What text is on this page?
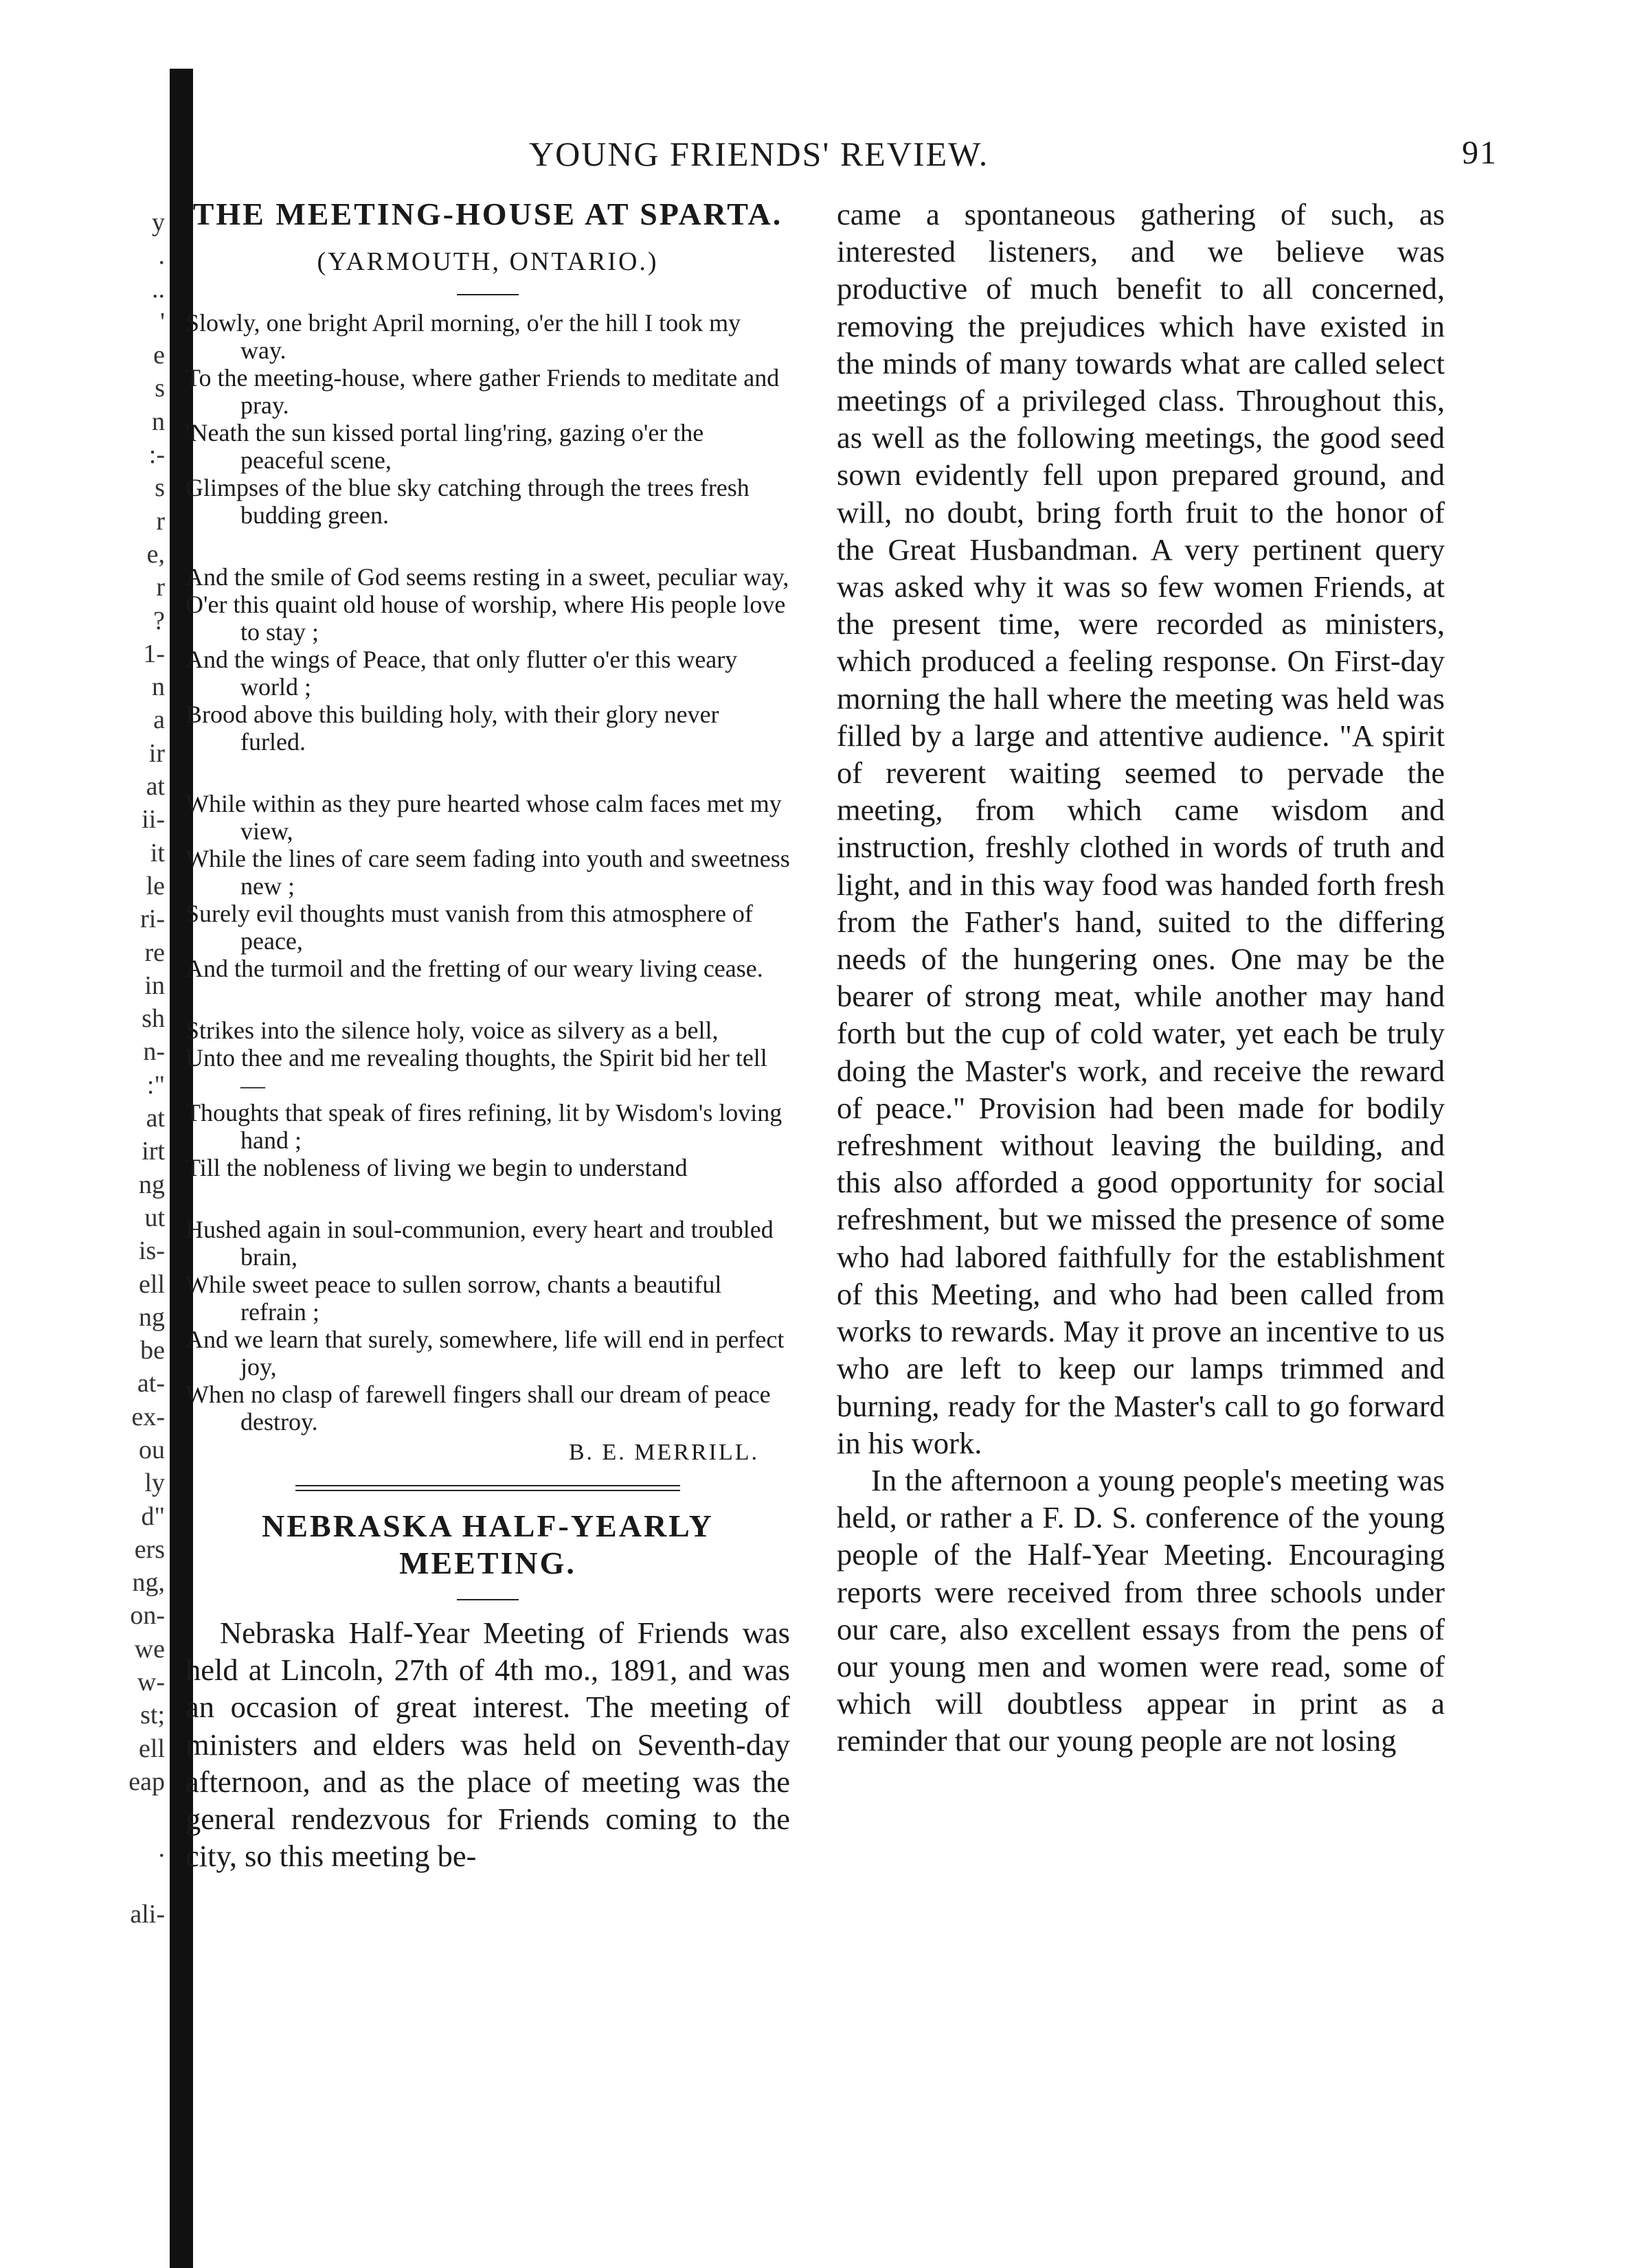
y
.
..
'
e
s
n
:-
s
r
e,
r
?
1-
n
a
ir
at
ii-
it
le
ri-
re
in
sh
n-
:"
at
irt
ng
ut
is-
ell
ng
be
at-
ex-
ou
ly
d"
ers
ng,
on-
we
w-
st;
ell
eap

.

ali-
YOUNG FRIENDS' REVIEW.	91
THE MEETING-HOUSE AT SPARTA.
(YARMOUTH, ONTARIO.)
Slowly, one bright April morning, o'er the hill I took my way.
To the meeting-house, where gather Friends to meditate and pray.
'Neath the sun kissed portal ling'ring, gazing o'er the peaceful scene,
Glimpses of the blue sky catching through the trees fresh budding green.
And the smile of God seems resting in a sweet, peculiar way,
O'er this quaint old house of worship, where His people love to stay ;
And the wings of Peace, that only flutter o'er this weary world ;
Brood above this building holy, with their glory never furled.
While within as they pure hearted whose calm faces met my view,
While the lines of care seem fading into youth and sweetness new ;
Surely evil thoughts must vanish from this atmosphere of peace,
And the turmoil and the fretting of our weary living cease.
Strikes into the silence holy, voice as silvery as a bell,
Unto thee and me revealing thoughts, the Spirit bid her tell—
Thoughts that speak of fires refining, lit by Wisdom's loving hand ;
Till the nobleness of living we begin to understand
Hushed again in soul-communion, every heart and troubled brain,
While sweet peace to sullen sorrow, chants a beautiful refrain ;
And we learn that surely, somewhere, life will end in perfect joy,
When no clasp of farewell fingers shall our dream of peace destroy.
B. E. MERRILL.
NEBRASKA HALF-YEARLY MEETING.

Nebraska Half-Year Meeting of Friends was held at Lincoln, 27th of 4th mo., 1891, and was an occasion of great interest. The meeting of ministers and elders was held on Seventh-day afternoon, and as the place of meeting was the general rendezvous for Friends coming to the city, so this meeting be-

came a spontaneous gathering of such, as interested listeners, and we believe was productive of much benefit to all concerned, removing the prejudices which have existed in the minds of many towards what are called select meetings of a privileged class. Throughout this, as well as the following meetings, the good seed sown evidently fell upon prepared ground, and will, no doubt, bring forth fruit to the honor of the Great Husbandman. A very pertinent query was asked why it was so few women Friends, at the present time, were recorded as ministers, which produced a feeling response. On First-day morning the hall where the meeting was held was filled by a large and attentive audience. "A spirit of reverent waiting seemed to pervade the meeting, from which came wisdom and instruction, freshly clothed in words of truth and light, and in this way food was handed forth fresh from the Father's hand, suited to the differing needs of the hungering ones. One may be the bearer of strong meat, while another may hand forth but the cup of cold water, yet each be truly doing the Master's work, and receive the reward of peace." Provision had been made for bodily refreshment without leaving the building, and this also afforded a good opportunity for social refreshment, but we missed the presence of some who had labored faithfully for the establishment of this Meeting, and who had been called from works to rewards. May it prove an incentive to us who are left to keep our lamps trimmed and burning, ready for the Master's call to go forward in his work.

In the afternoon a young people's meeting was held, or rather a F. D. S. conference of the young people of the Half-Year Meeting. Encouraging reports were received from three schools under our care, also excellent essays from the pens of our young men and women were read, some of which will doubtless appear in print as a reminder that our young people are not losing
